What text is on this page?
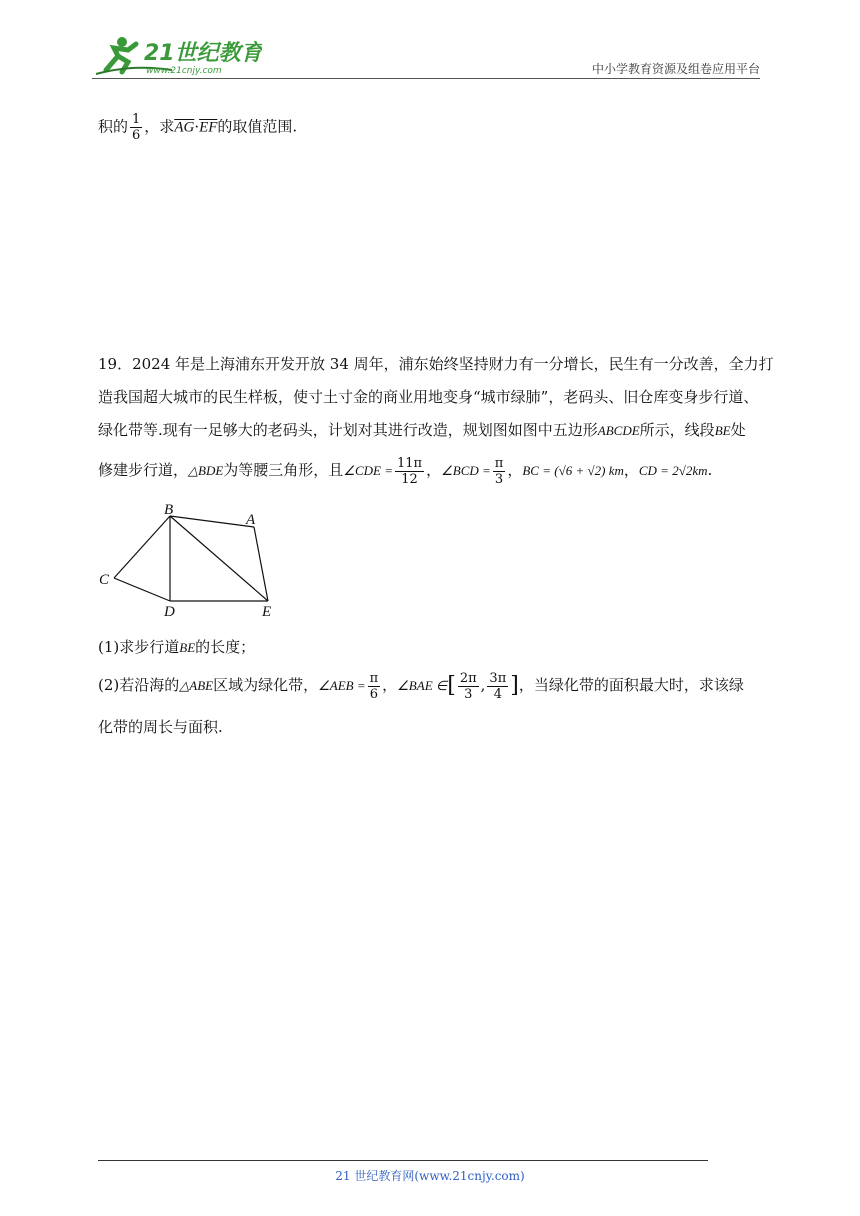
21世纪教育
www.21cnjy.com	中小学教育资源及组卷应用平台
积的 $\frac{1}{6}$ ，求$\overline{AG}\cdot\overline{EF}$的取值范围.
19．2024 年是上海浦东开发开放 34 周年，浦东始终坚持财力有一分增长，民生有一分改善，全力打
造我国超大城市的民生样板，使寸土寸金的商业用地变身“城市绿肺”，老码头、旧仓库变身步行道、
绿化带等.现有一足够大的老码头，计划对其进行改造，规划图如图中五边形ABCDE所示，线段BE处
修建步行道，△BDE为等腰三角形，且∠CDE = $\frac{11\pi}{12}$ ，∠BCD = $\frac{\pi}{3}$ ，BC = (√6 + √2) km，CD = 2√2km.
B
A
C
D	E
(1)求步行道BE的长度；
(2)若沿海的△ABE区域为绿化带，∠AEB = $\frac{\pi}{6}$ ，∠BAE ∈[ $\frac{2\pi}{3}$ , $\frac{3\pi}{4}$ ]，当绿化带的面积最大时，求该绿
化带的周长与面积.
21 世纪教育网(www.21cnjy.com)
